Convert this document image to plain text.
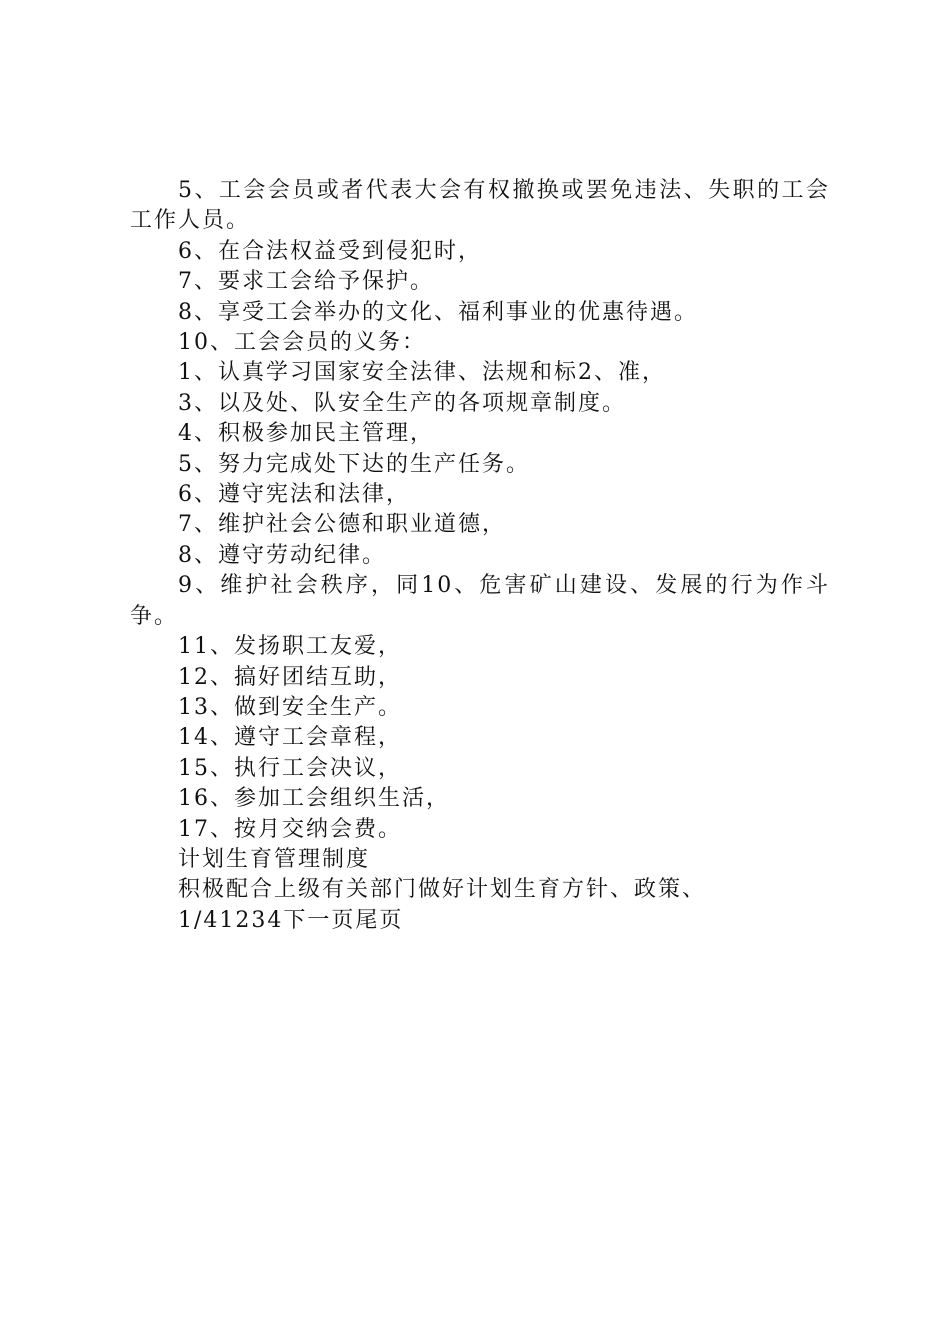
5、工会会员或者代表大会有权撤换或罢免违法、失职的工会工作人员。

6、在合法权益受到侵犯时，

7、要求工会给予保护。

8、享受工会举办的文化、福利事业的优惠待遇。

10、工会会员的义务：

1、认真学习国家安全法律、法规和标2、准，

3、以及处、队安全生产的各项规章制度。

4、积极参加民主管理，

5、努力完成处下达的生产任务。

6、遵守宪法和法律，

7、维护社会公德和职业道德，

8、遵守劳动纪律。

9、维护社会秩序，同10、危害矿山建设、发展的行为作斗争。

11、发扬职工友爱，

12、搞好团结互助，

13、做到安全生产。

14、遵守工会章程，

15、执行工会决议，

16、参加工会组织生活，

17、按月交纳会费。

计划生育管理制度

积极配合上级有关部门做好计划生育方针、政策、

1/41234下一页尾页
